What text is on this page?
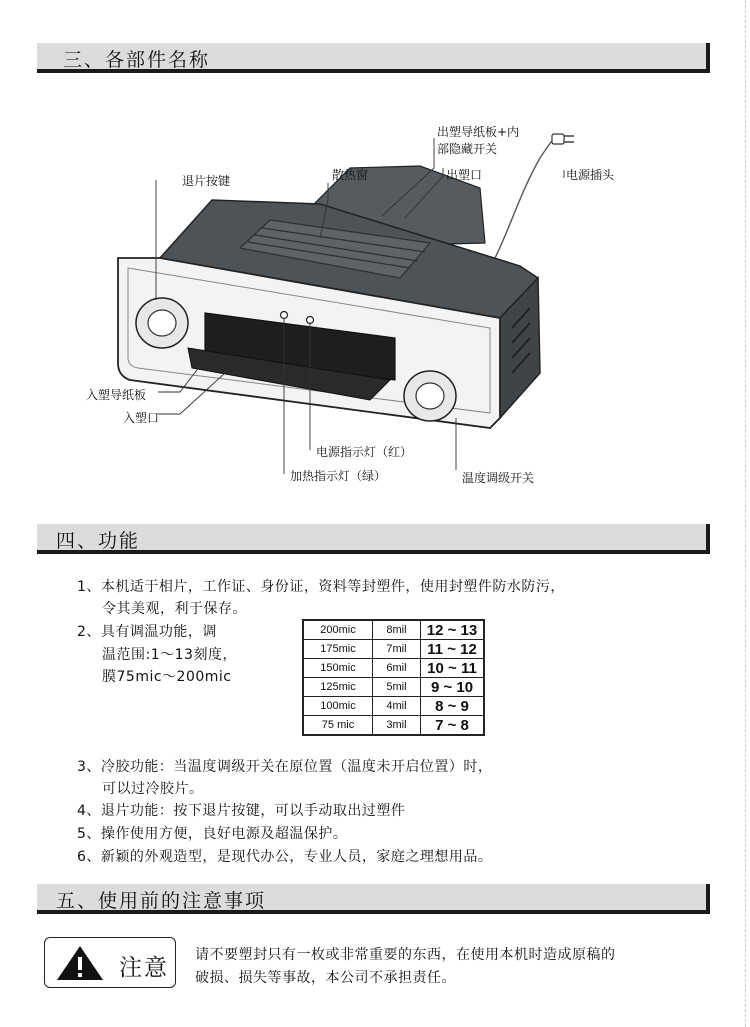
三、各部件名称
出塑导纸板+内
部隐藏开关
退片按键	散热窗	出塑口	电源插头
入塑导纸板
入塑口
电源指示灯（红）
加热指示灯（绿）	温度调级开关
四、功能
1、本机适于相片，工作证、身份证，资料等封塑件，使用封塑件防水防污，
令其美观，利于保存。
2、具有调温功能，调
温范围:1～13刻度，
膜75mic～200mic
200mic	8mil	12 ~ 13
175mic	7mil	11 ~ 12
150mic	6mil	10 ~ 11
125mic	5mil	9 ~ 10
100mic	4mil	8 ~ 9
75 mic	3mil	7 ~ 8
3、冷胶功能：当温度调级开关在原位置（温度未开启位置）时，
可以过冷胶片。
4、退片功能：按下退片按键，可以手动取出过塑件
5、操作使用方便，良好电源及超温保护。
6、新颖的外观造型，是现代办公，专业人员，家庭之理想用品。
五、使用前的注意事项
注意 请不要塑封只有一枚或非常重要的东西，在使用本机时造成原稿的
破损、损失等事故，本公司不承担责任。
